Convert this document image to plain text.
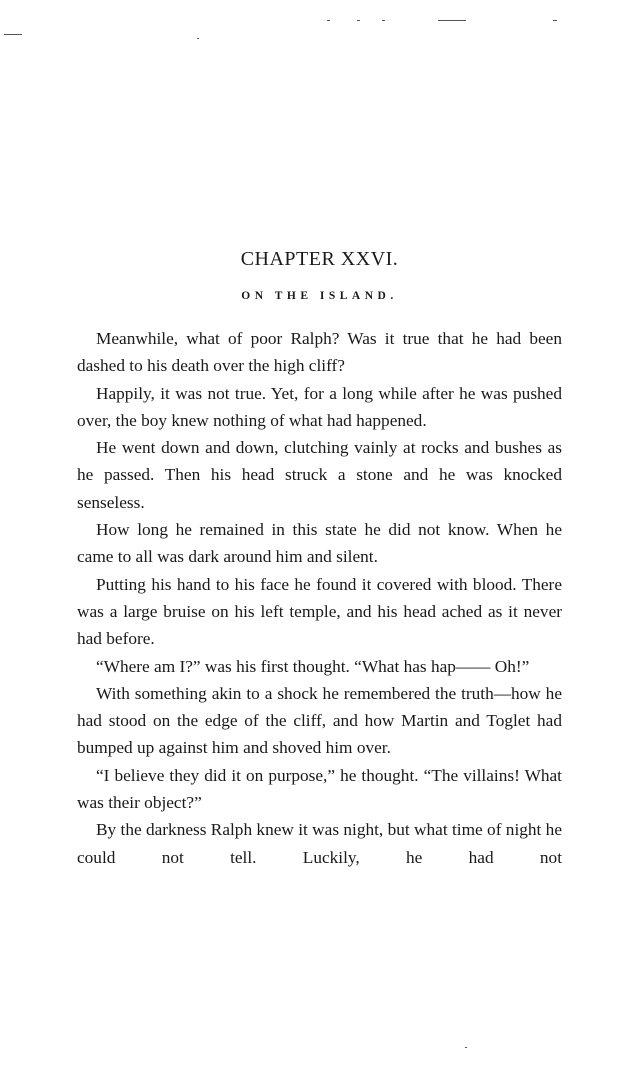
CHAPTER XXVI.
ON THE ISLAND.

Meanwhile, what of poor Ralph? Was it true that he had been dashed to his death over the high cliff?

Happily, it was not true. Yet, for a long while after he was pushed over, the boy knew nothing of what had happened.

He went down and down, clutching vainly at rocks and bushes as he passed. Then his head struck a stone and he was knocked senseless.

How long he remained in this state he did not know. When he came to all was dark around him and silent.

Putting his hand to his face he found it covered with blood. There was a large bruise on his left temple, and his head ached as it never had before.

“Where am I?” was his first thought. “What has hap—— Oh!”

With something akin to a shock he remembered the truth—how he had stood on the edge of the cliff, and how Martin and Toglet had bumped up against him and shoved him over.

“I believe they did it on purpose,” he thought. “The villains! What was their object?”

By the darkness Ralph knew it was night, but what time of night he could not tell. Luckily, he had not
